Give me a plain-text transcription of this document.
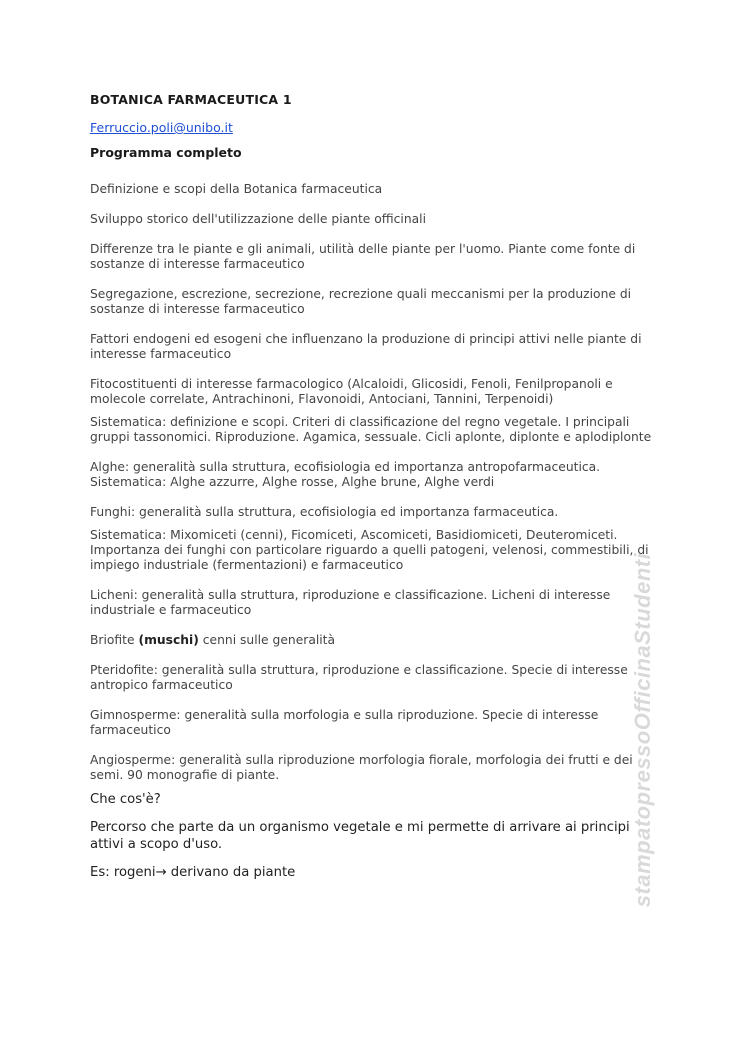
BOTANICA FARMACEUTICA 1
Ferruccio.poli@unibo.it
Programma completo

Definizione e scopi della Botanica farmaceutica

Sviluppo storico dell'utilizzazione delle piante officinali

Differenze tra le piante e gli animali, utilità delle piante per l'uomo. Piante come fonte di sostanze di interesse farmaceutico

Segregazione, escrezione, secrezione, recrezione quali meccanismi per la produzione di sostanze di interesse farmaceutico

Fattori endogeni ed esogeni che influenzano la produzione di principi attivi nelle piante di interesse farmaceutico

Fitocostituenti di interesse farmacologico (Alcaloidi, Glicosidi, Fenoli, Fenilpropanoli e molecole correlate, Antrachinoni, Flavonoidi, Antociani, Tannini, Terpenoidi)

Sistematica: definizione e scopi. Criteri di classificazione del regno vegetale. I principali gruppi tassonomici. Riproduzione. Agamica, sessuale. Cicli aplonte, diplonte e aplodiplonte

Alghe: generalità sulla struttura, ecofisiologia ed importanza antropofarmaceutica. Sistematica: Alghe azzurre, Alghe rosse, Alghe brune, Alghe verdi

Funghi: generalità sulla struttura, ecofisiologia ed importanza farmaceutica.

Sistematica: Mixomiceti (cenni), Ficomiceti, Ascomiceti, Basidiomiceti, Deuteromiceti. Importanza dei funghi con particolare riguardo a quelli patogeni, velenosi, commestibili, di impiego industriale (fermentazioni) e farmaceutico

Licheni: generalità sulla struttura, riproduzione e classificazione. Licheni di interesse industriale e farmaceutico

Briofite (muschi) cenni sulle generalità

Pteridofite: generalità sulla struttura, riproduzione e classificazione. Specie di interesse antropico farmaceutico

Gimnosperme: generalità sulla morfologia e sulla riproduzione. Specie di interesse farmaceutico

Angiosperme: generalità sulla riproduzione morfologia fiorale, morfologia dei frutti e dei semi. 90 monografie di piante.

Che cos'è?

Percorso che parte da un organismo vegetale e mi permette di arrivare ai principi attivi a scopo d'uso.

Es: rogeni→ derivano da piante	stampatopressoOfficinaStudenti
